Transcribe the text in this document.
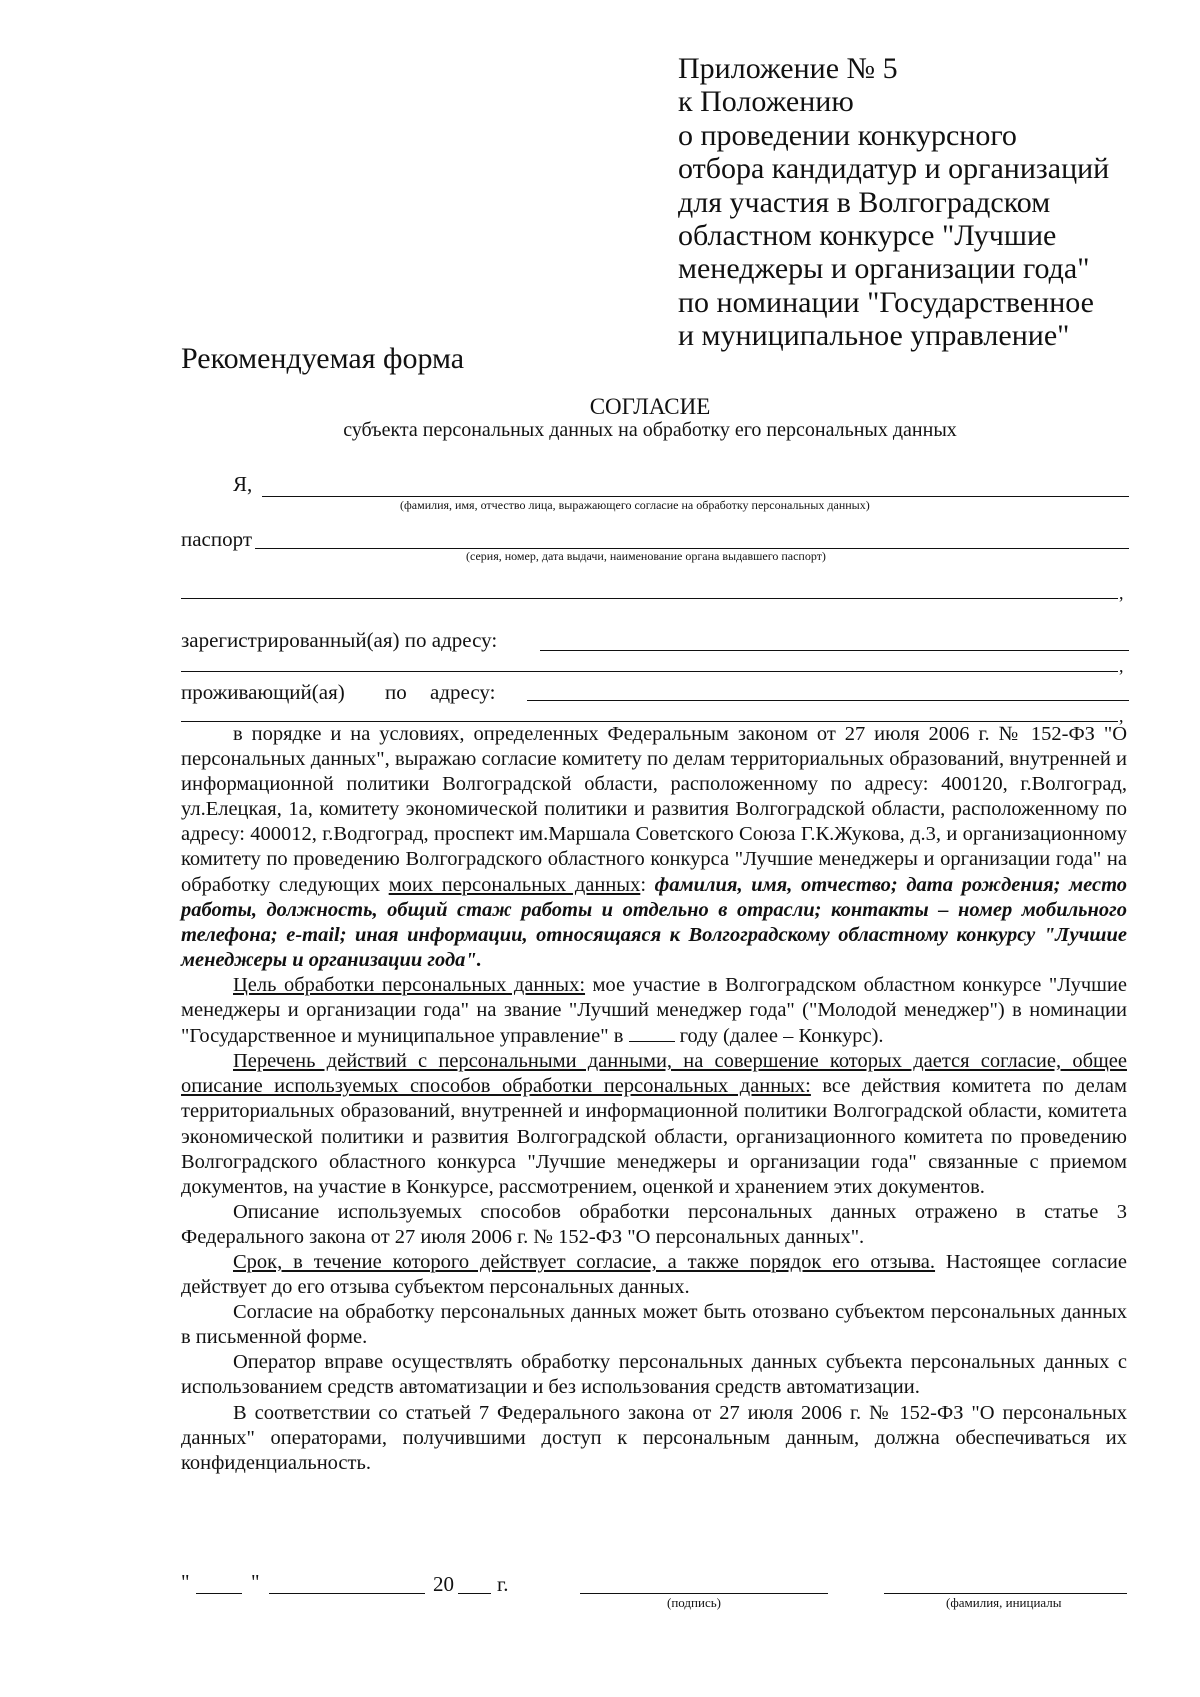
Приложение № 5
к Положению
о проведении конкурсного
отбора кандидатур и организаций
для участия в Волгоградском
областном конкурсе "Лучшие
менеджеры и организации года"
по номинации "Государственное
и муниципальное управление"
Рекомендуемая форма
СОГЛАСИЕ
субъекта персональных данных на обработку его персональных данных
Я,
(фамилия, имя, отчество лица, выражающего согласие на обработку персональных данных)
паспорт
(серия, номер, дата выдачи, наименование органа выдавшего паспорт)
,
зарегистрированный(ая) по адресу:
,
проживающий(ая) по адресу:
,

в порядке и на условиях, определенных Федеральным законом от 27 июля 2006 г. № 152-ФЗ "О персональных данных", выражаю согласие комитету по делам территориальных образований, внутренней и информационной политики Волгоградской области, расположенному по адресу: 400120, г.Волгоград, ул.Елецкая, 1а, комитету экономической политики и развития Волгоградской области, расположенному по адресу: 400012, г.Водгоград, проспект им.Маршала Советского Союза Г.К.Жукова, д.3, и организационному комитету по проведению Волгоградского областного конкурса "Лучшие менеджеры и организации года" на обработку следующих моих персональных данных: фамилия, имя, отчество; дата рождения; место работы, должность, общий стаж работы и отдельно в отрасли; контакты – номер мобильного телефона; e-mail; иная информации, относящаяся к Волгоградскому областному конкурсу "Лучшие менеджеры и организации года".

Цель обработки персональных данных: мое участие в Волгоградском областном конкурсе "Лучшие менеджеры и организации года" на звание "Лучший менеджер года" ("Молодой менеджер") в номинации "Государственное и муниципальное управление" в  году (далее – Конкурс).

Перечень действий с персональными данными, на совершение которых дается согласие, общее описание используемых способов обработки персональных данных: все действия комитета по делам территориальных образований, внутренней и информационной политики Волгоградской области, комитета экономической политики и развития Волгоградской области, организационного комитета по проведению Волгоградского областного конкурса "Лучшие менеджеры и организации года" связанные с приемом документов, на участие в Конкурсе, рассмотрением, оценкой и хранением этих документов.

Описание используемых способов обработки персональных данных отражено в статье 3 Федерального закона от 27 июля 2006 г. № 152-ФЗ "О персональных данных".

Срок, в течение которого действует согласие, а также порядок его отзыва. Настоящее согласие действует до его отзыва субъектом персональных данных.

Согласие на обработку персональных данных может быть отозвано субъектом персональных данных в письменной форме.

Оператор вправе осуществлять обработку персональных данных субъекта персональных данных с использованием средств автоматизации и без использования средств автоматизации.

В соответствии со статьей 7 Федерального закона от 27 июля 2006 г. № 152-ФЗ "О персональных данных" операторами, получившими доступ к персональным данным, должна обеспечиваться их конфиденциальность.

"	"	20 г.
(подпись)	(фамилия, инициалы
